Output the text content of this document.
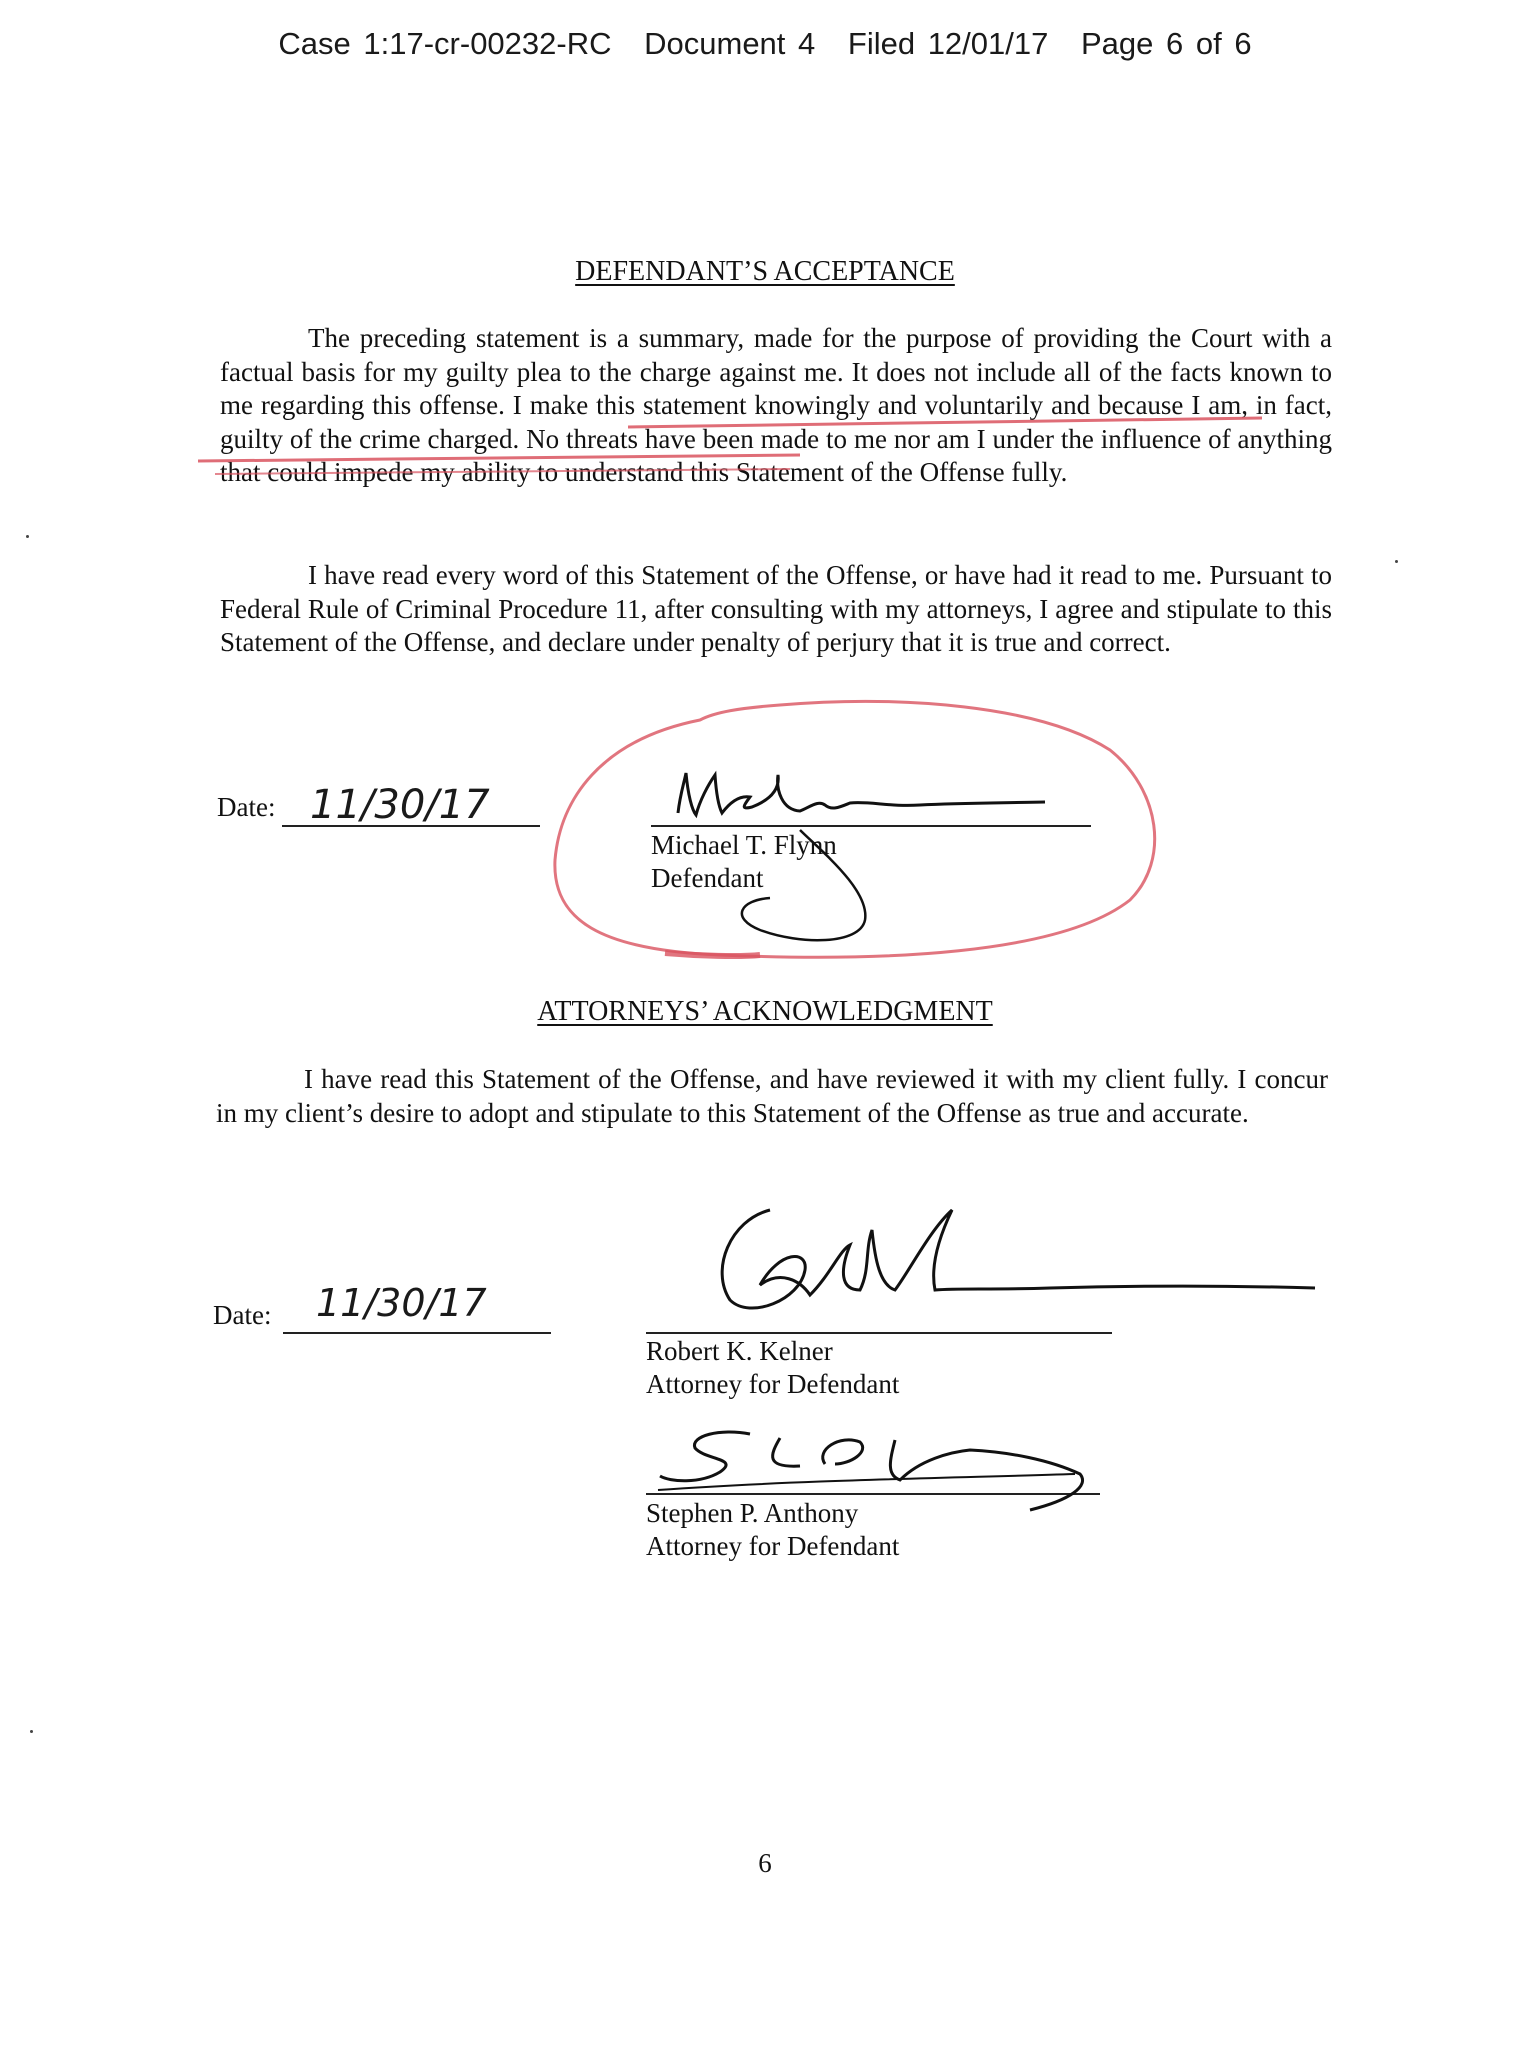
Case 1:17-cr-00232-RC Document 4 Filed 12/01/17 Page 6 of 6
DEFENDANT’S ACCEPTANCE
The preceding statement is a summary, made for the purpose of providing the Court with a factual basis for my guilty plea to the charge against me. It does not include all of the facts known to me regarding this offense. I make this statement knowingly and voluntarily and because I am, in fact, guilty of the crime charged. No threats have been made to me nor am I under the influence of anything that could impede my ability to understand this Statement of the Offense fully.
I have read every word of this Statement of the Offense, or have had it read to me. Pursuant to Federal Rule of Criminal Procedure 11, after consulting with my attorneys, I agree and stipulate to this Statement of the Offense, and declare under penalty of perjury that it is true and correct.
Date: 11/30/17
Michael T. Flynn
Defendant
ATTORNEYS’ ACKNOWLEDGMENT
I have read this Statement of the Offense, and have reviewed it with my client fully. I concur in my client’s desire to adopt and stipulate to this Statement of the Offense as true and accurate.
Date: 11/30/17
Robert K. Kelner
Attorney for Defendant
Stephen P. Anthony
Attorney for Defendant
6
